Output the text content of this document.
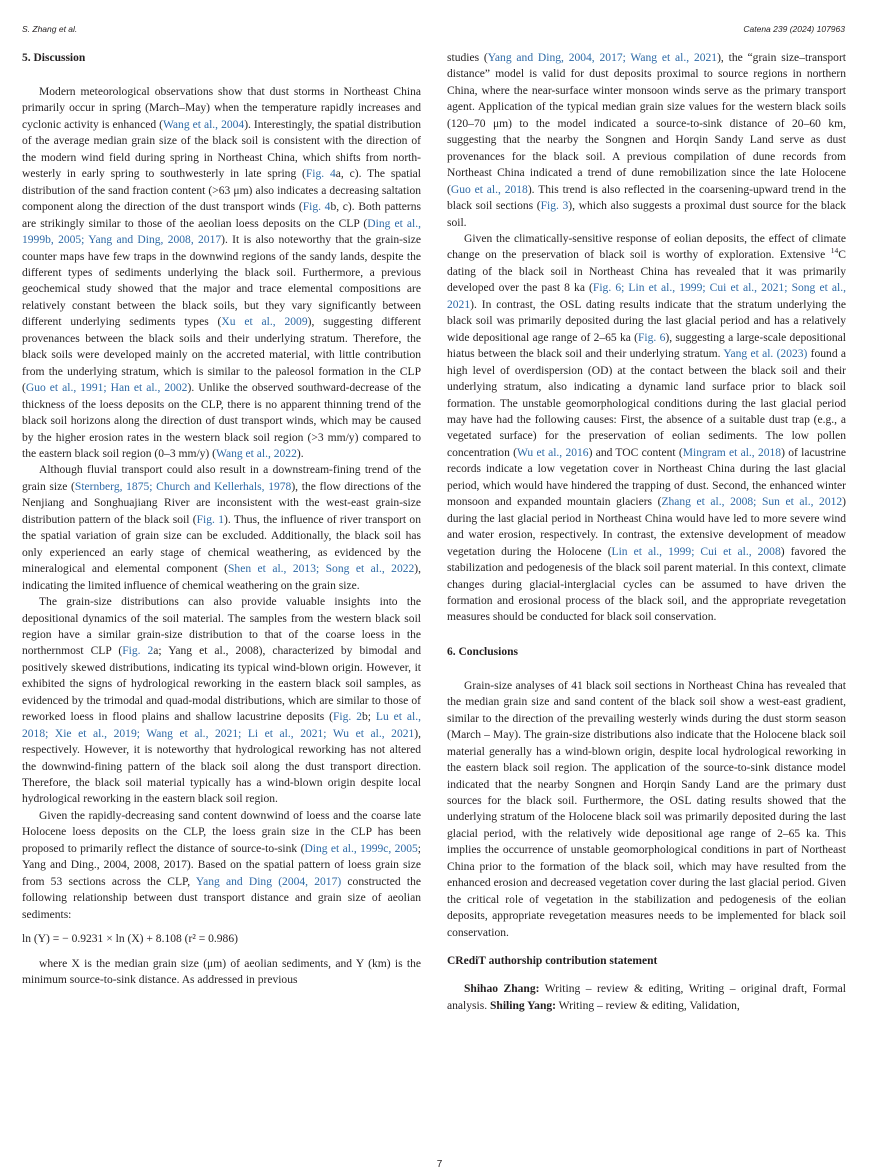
S. Zhang et al.	Catena 239 (2024) 107963
5. Discussion

Modern meteorological observations show that dust storms in Northeast China primarily occur in spring (March–May) when the temperature rapidly increases and cyclonic activity is enhanced (Wang et al., 2004). Interestingly, the spatial distribution of the average median grain size of the black soil is consistent with the direction of the modern wind field during spring in Northeast China, which shifts from north-westerly in early spring to southwesterly in late spring (Fig. 4a, c). The spatial distribution of the sand fraction content (>63 μm) also indicates a decreasing saltation component along the direction of the dust transport winds (Fig. 4b, c). Both patterns are strikingly similar to those of the aeolian loess deposits on the CLP (Ding et al., 1999b, 2005; Yang and Ding, 2008, 2017). It is also noteworthy that the grain-size counter maps have few traps in the downwind regions of the sandy lands, despite the different types of sediments underlying the black soil. Furthermore, a previous geochemical study showed that the major and trace elemental compositions are relatively constant between the black soils, but they vary significantly between different underlying sediments types (Xu et al., 2009), suggesting different provenances between the black soils and their underlying stratum. Therefore, the black soils were developed mainly on the accreted material, with little contribution from the underlying stratum, which is similar to the paleosol formation in the CLP (Guo et al., 1991; Han et al., 2002). Unlike the observed southward-decrease of the thickness of the loess deposits on the CLP, there is no apparent thinning trend of the black soil horizons along the direction of dust transport winds, which may be caused by the higher erosion rates in the western black soil region (>3 mm/y) compared to the eastern black soil region (0–3 mm/y) (Wang et al., 2022).

Although fluvial transport could also result in a downstream-fining trend of the grain size (Sternberg, 1875; Church and Kellerhals, 1978), the flow directions of the Nenjiang and Songhuajiang River are inconsistent with the west-east grain-size distribution pattern of the black soil (Fig. 1). Thus, the influence of river transport on the spatial variation of grain size can be excluded. Additionally, the black soil has only experienced an early stage of chemical weathering, as evidenced by the mineralogical and elemental component (Shen et al., 2013; Song et al., 2022), indicating the limited influence of chemical weathering on the grain size.

The grain-size distributions can also provide valuable insights into the depositional dynamics of the soil material. The samples from the western black soil region have a similar grain-size distribution to that of the coarse loess in the northernmost CLP (Fig. 2a; Yang et al., 2008), characterized by bimodal and positively skewed distributions, indicating its typical wind-blown origin. However, it exhibited the signs of hydrological reworking in the eastern black soil samples, as evidenced by the trimodal and quad-modal distributions, which are similar to those of reworked loess in flood plains and shallow lacustrine deposits (Fig. 2b; Lu et al., 2018; Xie et al., 2019; Wang et al., 2021; Li et al., 2021; Wu et al., 2021), respectively. However, it is noteworthy that hydrological reworking has not altered the downwind-fining pattern of the black soil along the dust transport direction. Therefore, the black soil material typically has a wind-blown origin despite local hydrological reworking in the eastern black soil region.

Given the rapidly-decreasing sand content downwind of loess and the coarse late Holocene loess deposits on the CLP, the loess grain size in the CLP has been proposed to primarily reflect the distance of source-to-sink (Ding et al., 1999c, 2005; Yang and Ding., 2004, 2008, 2017). Based on the spatial pattern of loess grain size from 53 sections across the CLP, Yang and Ding (2004, 2017) constructed the following relationship between dust transport distance and grain size of aeolian sediments:

ln (Y) = − 0.9231 × ln (X) + 8.108 (r² = 0.986)

where X is the median grain size (μm) of aeolian sediments, and Y (km) is the minimum source-to-sink distance. As addressed in previous

studies (Yang and Ding, 2004, 2017; Wang et al., 2021), the “grain size–transport distance” model is valid for dust deposits proximal to source regions in northern China, where the near-surface winter monsoon winds serve as the primary transport agent. Application of the typical median grain size values for the western black soils (120–70 μm) to the model indicated a source-to-sink distance of 20–60 km, suggesting that the nearby the Songnen and Horqin Sandy Land serve as dust provenances for the black soil. A previous compilation of dune records from Northeast China indicated a trend of dune remobilization since the late Holocene (Guo et al., 2018). This trend is also reflected in the coarsening-upward trend in the black soil sections (Fig. 3), which also suggests a proximal dust source for the black soil.

Given the climatically-sensitive response of eolian deposits, the effect of climate change on the preservation of black soil is worthy of exploration. Extensive $^{14}$C dating of the black soil in Northeast China has revealed that it was primarily developed over the past 8 ka (Fig. 6; Lin et al., 1999; Cui et al., 2021; Song et al., 2021). In contrast, the OSL dating results indicate that the stratum underlying the black soil was primarily deposited during the last glacial period and has a relatively wide depositional age range of 2–65 ka (Fig. 6), suggesting a large-scale depositional hiatus between the black soil and their underlying stratum. Yang et al. (2023) found a high level of overdispersion (OD) at the contact between the black soil and their underlying stratum, also indicating a dynamic land surface prior to black soil formation. The unstable geomorphological conditions during the last glacial period may have had the following causes: First, the absence of a suitable dust trap (e.g., a vegetated surface) for the preservation of eolian sediments. The low pollen concentration (Wu et al., 2016) and TOC content (Mingram et al., 2018) of lacustrine records indicate a low vegetation cover in Northeast China during the last glacial period, which would have hindered the trapping of dust. Second, the enhanced winter monsoon and expanded mountain glaciers (Zhang et al., 2008; Sun et al., 2012) during the last glacial period in Northeast China would have led to more severe wind and water erosion, respectively. In contrast, the extensive development of meadow vegetation during the Holocene (Lin et al., 1999; Cui et al., 2008) favored the stabilization and pedogenesis of the black soil parent material. In this context, climate changes during glacial-interglacial cycles can be assumed to have driven the formation and erosional process of the black soil, and the appropriate revegetation measures should be conducted for black soil conservation.

6. Conclusions

Grain-size analyses of 41 black soil sections in Northeast China has revealed that the median grain size and sand content of the black soil show a west-east gradient, similar to the direction of the prevailing westerly winds during the dust storm season (March – May). The grain-size distributions also indicate that the Holocene black soil material generally has a wind-blown origin, despite local hydrological reworking in the eastern black soil region. The application of the source-to-sink distance model indicated that the nearby Songnen and Horqin Sandy Land are the primary dust sources for the black soil. Furthermore, the OSL dating results showed that the underlying stratum of the Holocene black soil was primarily deposited during the last glacial period, with the relatively wide depositional age range of 2–65 ka. This implies the occurrence of unstable geomorphological conditions in part of Northeast China prior to the formation of the black soil, which may have resulted from the enhanced erosion and decreased vegetation cover during the last glacial period. Given the critical role of vegetation in the stabilization and pedogenesis of the eolian deposits, appropriate revegetation measures needs to be implemented for black soil conservation.

CRediT authorship contribution statement

Shihao Zhang: Writing – review & editing, Writing – original draft, Formal analysis. Shiling Yang: Writing – review & editing, Validation,

7
